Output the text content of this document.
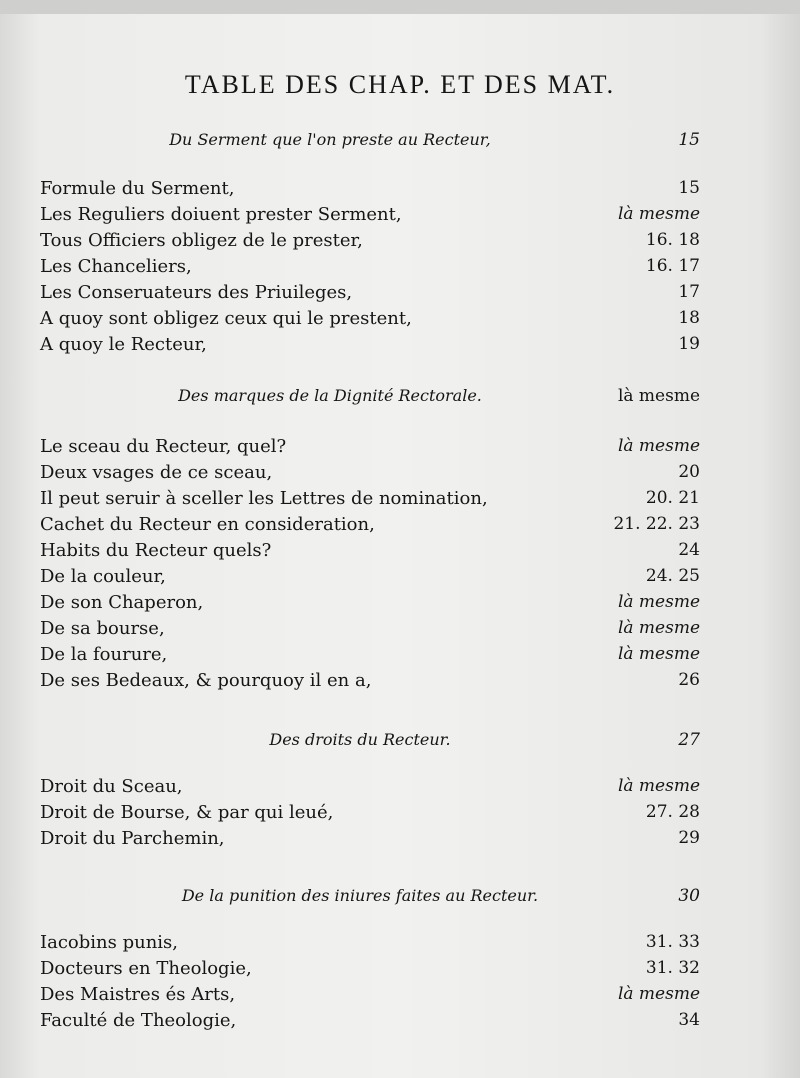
TABLE DES CHAP. ET DES MAT.
Du Serment que l'on preste au Recteur,	15
Formule du Serment,	15
Les Reguliers doiuent prester Serment,	là mesme
Tous Officiers obligez de le prester,	16. 18
Les Chanceliers,	16. 17
Les Conseruateurs des Priuileges,	17
A quoy sont obligez ceux qui le prestent,	18
A quoy le Recteur,	19
Des marques de la Dignité Rectorale.	là mesme
Le sceau du Recteur, quel?	là mesme
Deux vsages de ce sceau,	20
Il peut seruir à sceller les Lettres de nomination,	20. 21
Cachet du Recteur en consideration,	21. 22. 23
Habits du Recteur quels?	24
De la couleur,	24. 25
De son Chaperon,	là mesme
De sa bourse,	là mesme
De la fourure,	là mesme
De ses Bedeaux, & pourquoy il en a,	26
Des droits du Recteur.	27
Droit du Sceau,	là mesme
Droit de Bourse, & par qui leué,	27. 28
Droit du Parchemin,	29
De la punition des iniures faites au Recteur.	30
Iacobins punis,	31. 33
Docteurs en Theologie,	31. 32
Des Maistres és Arts,	là mesme
Faculté de Theologie,	34
